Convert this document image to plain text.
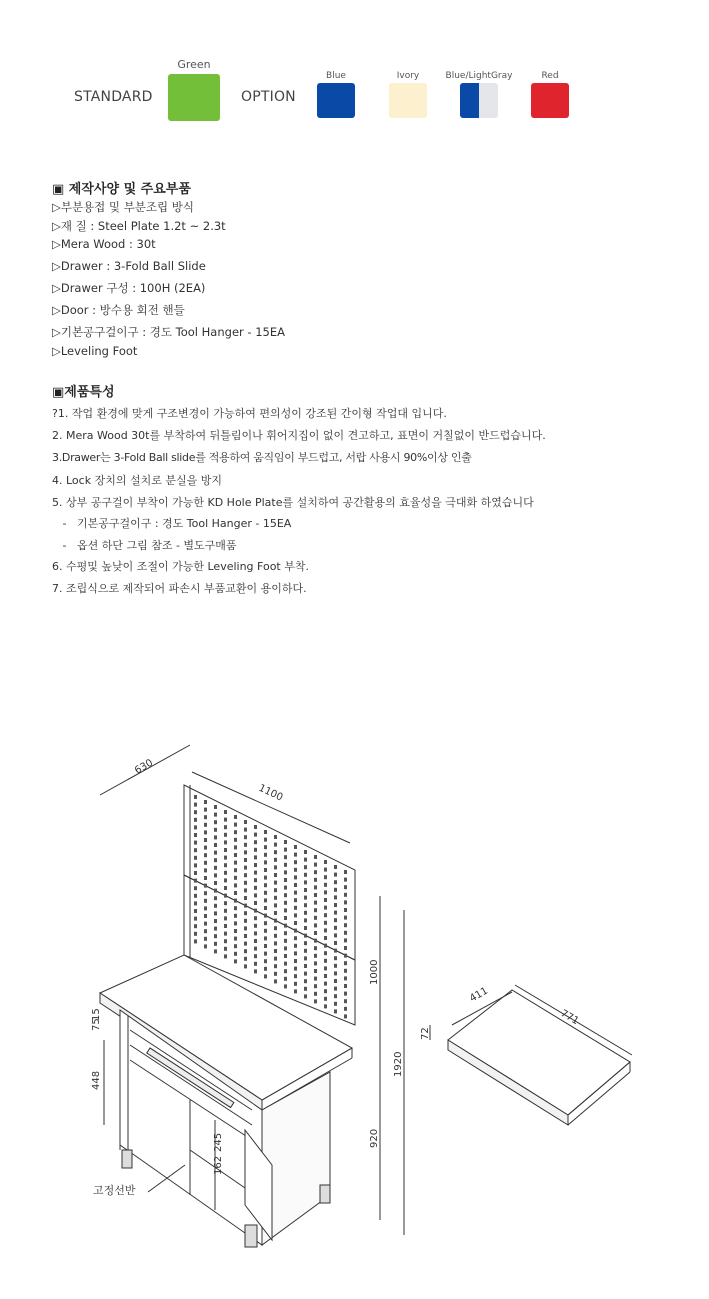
STANDARD
Green
OPTION
Blue	Ivory	Blue/LightGray	Red
▣ 제작사양 및 주요부품
▷부분용접 및 부분조립 방식
▷재 질 : Steel Plate 1.2t ~ 2.3t
▷Mera Wood : 30t
▷Drawer : 3-Fold Ball Slide
▷Drawer 구성 : 100H (2EA)
▷Door : 방수용 회전 핸들
▷기본공구걸이구 : 경도 Tool Hanger - 15EA
▷Leveling Foot
▣제품특성
?1. 작업 환경에 맞게 구조변경이 가능하여 편의성이 강조된 간이형 작업대 입니다.
2. Mera Wood 30t를 부착하여 뒤틀림이나 휘어지집이 없이 견고하고, 표면이 거칠없이 반드럽습니다.
3.Drawer는 3-Fold Ball slide를 적용하여 움직임이 부드럽고, 서랍 사용시 90%이상 인출
4. Lock 장치의 설치로 분실을 방지
5. 상부 공구걸이 부착이 가능한 KD Hole Plate를 설치하여 공간활용의 효율성을 극대화 하였습니다
-   기본공구걸이구 : 경도 Tool Hanger - 15EA
-   옵션 하단 그림 참조 - 별도구매품
6. 수평및 높낮이 조절이 가능한 Leveling Foot 부착.
7. 조립식으로 제작되어 파손시 부품교환이 용이하다.
630
1100
1000
1920
920
15
75
448
245
162
411
771
72
고정선반
